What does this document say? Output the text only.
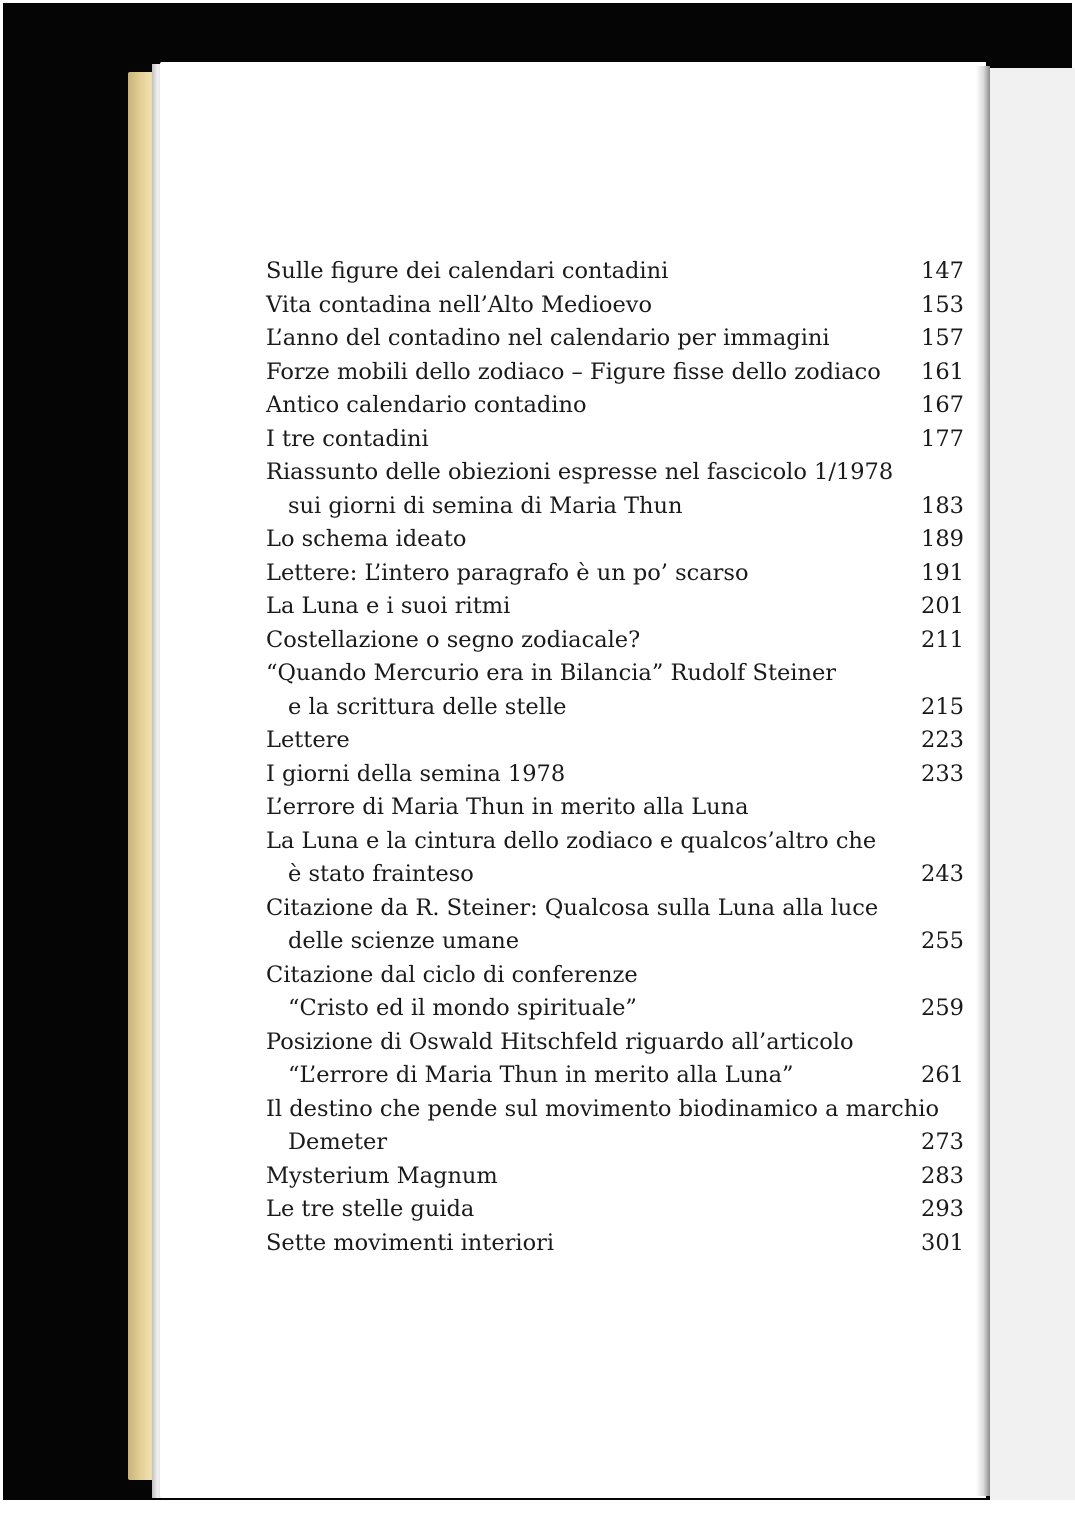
Sulle figure dei calendari contadini	147
Vita contadina nell’Alto Medioevo	153
L’anno del contadino nel calendario per immagini	157
Forze mobili dello zodiaco – Figure fisse dello zodiaco 161
Antico calendario contadino	167
I tre contadini	177
Riassunto delle obiezioni espresse nel fascicolo 1/1978
sui giorni di semina di Maria Thun	183
Lo schema ideato	189
Lettere: L’intero paragrafo è un po’ scarso	191
La Luna e i suoi ritmi	201
Costellazione o segno zodiacale?	211
“Quando Mercurio era in Bilancia” Rudolf Steiner
e la scrittura delle stelle	215
Lettere	223
I giorni della semina 1978	233
L’errore di Maria Thun in merito alla Luna
La Luna e la cintura dello zodiaco e qualcos’altro che
è stato frainteso	243
Citazione da R. Steiner: Qualcosa sulla Luna alla luce
delle scienze umane	255
Citazione dal ciclo di conferenze
“Cristo ed il mondo spirituale”	259
Posizione di Oswald Hitschfeld riguardo all’articolo
“L’errore di Maria Thun in merito alla Luna”	261
Il destino che pende sul movimento biodinamico a marchio
Demeter	273
Mysterium Magnum	283
Le tre stelle guida	293
Sette movimenti interiori	301
